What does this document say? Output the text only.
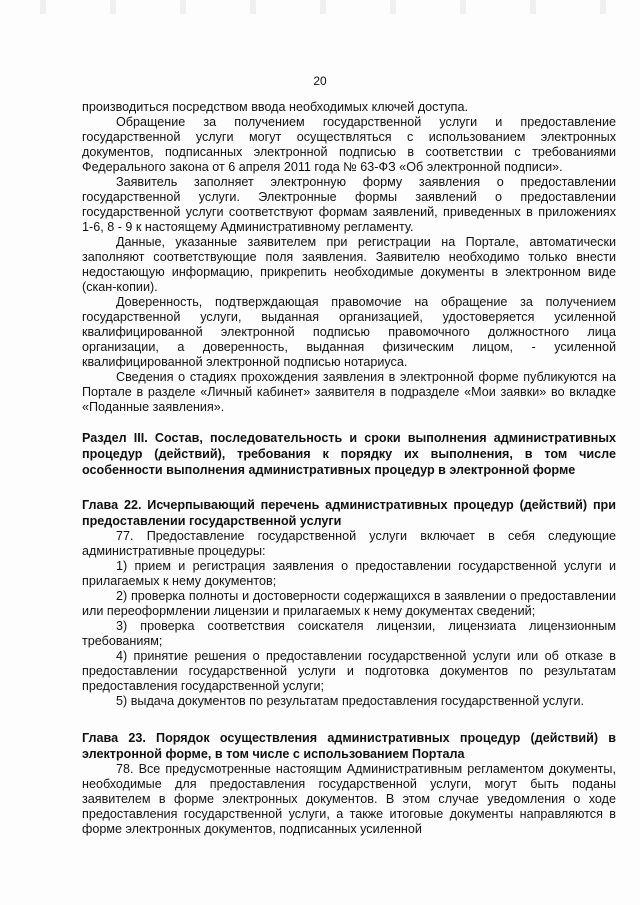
20

производиться посредством ввода необходимых ключей доступа.

Обращение за получением государственной услуги и предоставление государственной услуги могут осуществляться с использованием электронных документов, подписанных электронной подписью в соответствии с требованиями Федерального закона от 6 апреля 2011 года № 63-ФЗ «Об электронной подписи».

Заявитель заполняет электронную форму заявления о предоставлении государственной услуги. Электронные формы заявлений о предоставлении государственной услуги соответствуют формам заявлений, приведенных в приложениях 1-6, 8 - 9 к настоящему Административному регламенту.

Данные, указанные заявителем при регистрации на Портале, автоматически заполняют соответствующие поля заявления. Заявителю необходимо только внести недостающую информацию, прикрепить необходимые документы в электронном виде (скан-копии).

Доверенность, подтверждающая правомочие на обращение за получением государственной услуги, выданная организацией, удостоверяется усиленной квалифицированной электронной подписью правомочного должностного лица организации, а доверенность, выданная физическим лицом, - усиленной квалифицированной электронной подписью нотариуса.

Сведения о стадиях прохождения заявления в электронной форме публикуются на Портале в разделе «Личный кабинет» заявителя в подразделе «Мои заявки» во вкладке «Поданные заявления».

Раздел III. Состав, последовательность и сроки выполнения административных процедур (действий), требования к порядку их выполнения, в том числе особенности выполнения административных процедур в электронной форме

Глава 22. Исчерпывающий перечень административных процедур (действий) при предоставлении государственной услуги

77. Предоставление государственной услуги включает в себя следующие административные процедуры:

1) прием и регистрация заявления о предоставлении государственной услуги и прилагаемых к нему документов;

2) проверка полноты и достоверности содержащихся в заявлении о предоставлении или переоформлении лицензии и прилагаемых к нему документах сведений;

3) проверка соответствия соискателя лицензии, лицензиата лицензионным требованиям;

4) принятие решения о предоставлении государственной услуги или об отказе в предоставлении государственной услуги и подготовка документов по результатам предоставления государственной услуги;

5) выдача документов по результатам предоставления государственной услуги.

Глава 23. Порядок осуществления административных процедур (действий) в электронной форме, в том числе с использованием Портала

78. Все предусмотренные настоящим Административным регламентом документы, необходимые для предоставления государственной услуги, могут быть поданы заявителем в форме электронных документов. В этом случае уведомления о ходе предоставления государственной услуги, а также итоговые документы направляются в форме электронных документов, подписанных усиленной
